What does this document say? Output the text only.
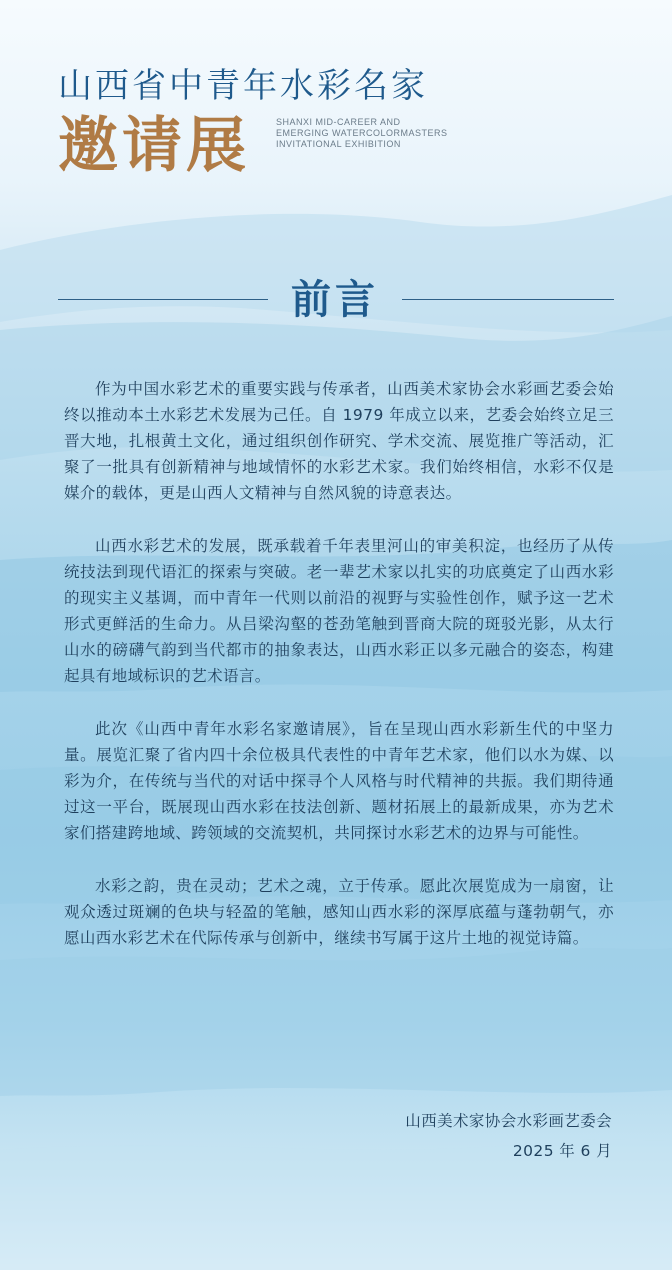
山西省中青年水彩名家
邀请展	SHANXI MID-CAREER AND
EMERGING WATERCOLORMASTERS
INVITATIONAL EXHIBITION
前言

作为中国水彩艺术的重要实践与传承者，山西美术家协会水彩画艺委会始终以推动本土水彩艺术发展为己任。自 1979 年成立以来，艺委会始终立足三晋大地，扎根黄土文化，通过组织创作研究、学术交流、展览推广等活动，汇聚了一批具有创新精神与地域情怀的水彩艺术家。我们始终相信，水彩不仅是媒介的载体，更是山西人文精神与自然风貌的诗意表达。

山西水彩艺术的发展，既承载着千年表里河山的审美积淀，也经历了从传统技法到现代语汇的探索与突破。老一辈艺术家以扎实的功底奠定了山西水彩的现实主义基调，而中青年一代则以前沿的视野与实验性创作，赋予这一艺术形式更鲜活的生命力。从吕梁沟壑的苍劲笔触到晋商大院的斑驳光影，从太行山水的磅礴气韵到当代都市的抽象表达，山西水彩正以多元融合的姿态，构建起具有地域标识的艺术语言。

此次《山西中青年水彩名家邀请展》，旨在呈现山西水彩新生代的中坚力量。展览汇聚了省内四十余位极具代表性的中青年艺术家，他们以水为媒、以彩为介，在传统与当代的对话中探寻个人风格与时代精神的共振。我们期待通过这一平台，既展现山西水彩在技法创新、题材拓展上的最新成果，亦为艺术家们搭建跨地域、跨领域的交流契机，共同探讨水彩艺术的边界与可能性。

水彩之韵，贵在灵动；艺术之魂，立于传承。愿此次展览成为一扇窗，让观众透过斑斓的色块与轻盈的笔触，感知山西水彩的深厚底蕴与蓬勃朝气，亦愿山西水彩艺术在代际传承与创新中，继续书写属于这片土地的视觉诗篇。

山西美术家协会水彩画艺委会
2025 年 6 月
